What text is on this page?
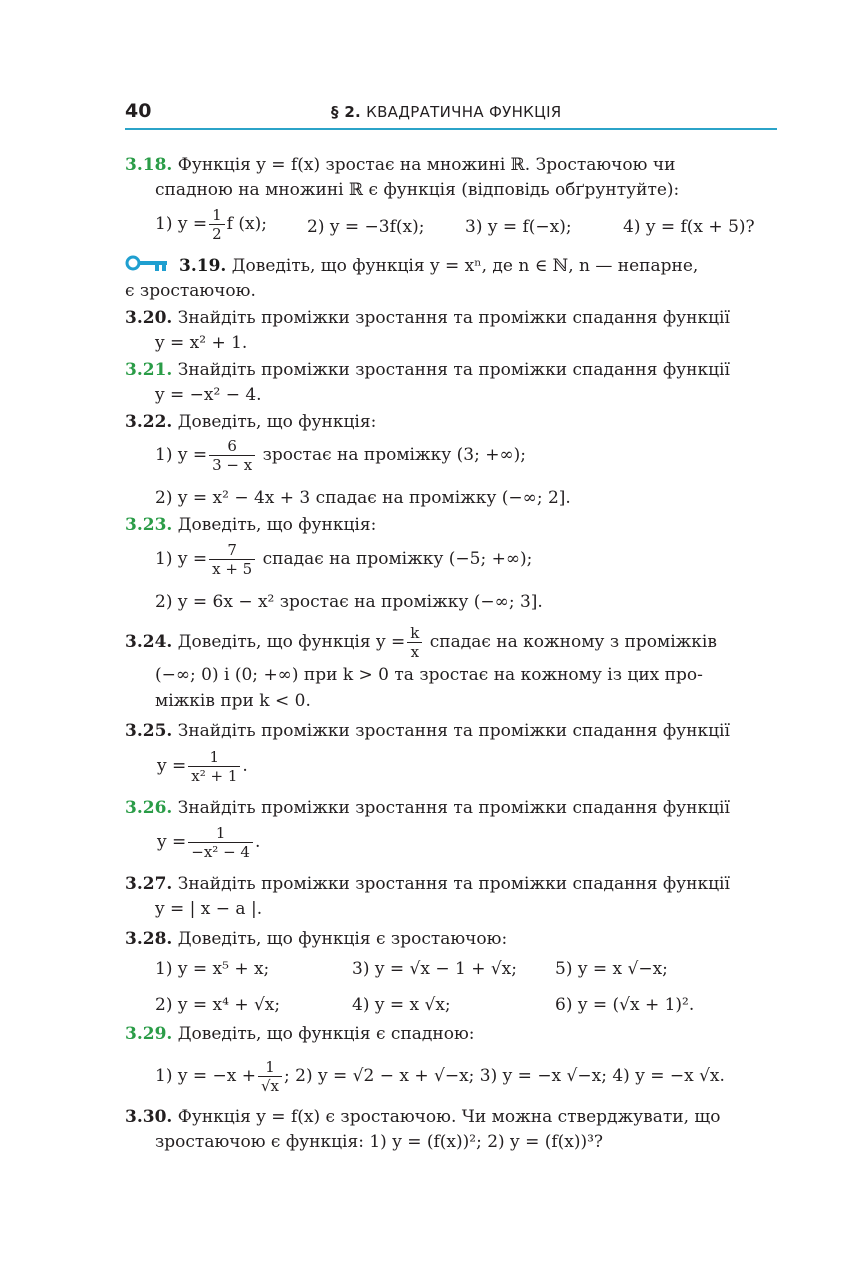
40	§ 2. КВАДРАТИЧНА ФУНКЦІЯ
3.18. Функція y = f(x) зростає на множині ℝ. Зростаючою чи
спадною на множині ℝ є функція (відповідь обґрунтуйте):
1) $y = \frac{1}{2}$ f (x); 2) y = −3f(x); 3) y = f(−x);	4) y = f(x + 5)?
3.19. Доведіть, що функція y = xⁿ, де n ∈ ℕ, n — непарне,
є зростаючою.
3.20. Знайдіть проміжки зростання та проміжки спадання функції
y = x² + 1.
3.21. Знайдіть проміжки зростання та проміжки спадання функції
y = −x² − 4.
3.22. Доведіть, що функція:
1) $y = \frac{6}{3 - x}$ зростає на проміжку (3; +∞);
2) y = x² − 4x + 3 спадає на проміжку (−∞; 2].
3.23. Доведіть, що функція:
1) $y = \frac{7}{x + 5}$ спадає на проміжку (−5; +∞);
2) y = 6x − x² зростає на проміжку (−∞; 3].
3.24. Доведіть, що функція $y = \frac{k}{x}$ спадає на кожному з проміжків
(−∞; 0) і (0; +∞) при k > 0 та зростає на кожному із цих про-
міжків при k < 0.
3.25. Знайдіть проміжки зростання та проміжки спадання функції
$y = \frac{1}{\text{x² + 1}}$ .
3.26. Знайдіть проміжки зростання та проміжки спадання функції
$y = \frac{1}{\text{−x² − 4}}$ .
3.27. Знайдіть проміжки зростання та проміжки спадання функції
y = | x − a |.
3.28. Доведіть, що функція є зростаючою:
1) y = x⁵ + x;	3) y = √x − 1 + √x; 5) y = x √−x;
2) y = x⁴ + √x;	4) y = x √x;	6) y = (√x + 1)².
3.29. Доведіть, що функція є спадною:
1) $y = -x + \frac{1}{√x}$ ; 2) y = √2 − x + √−x; 3) y = −x √−x; 4) y = −x √x.
3.30. Функція y = f(x) є зростаючою. Чи можна стверджувати, що
зростаючою є функція: 1) y = (f(x))²; 2) y = (f(x))³?
